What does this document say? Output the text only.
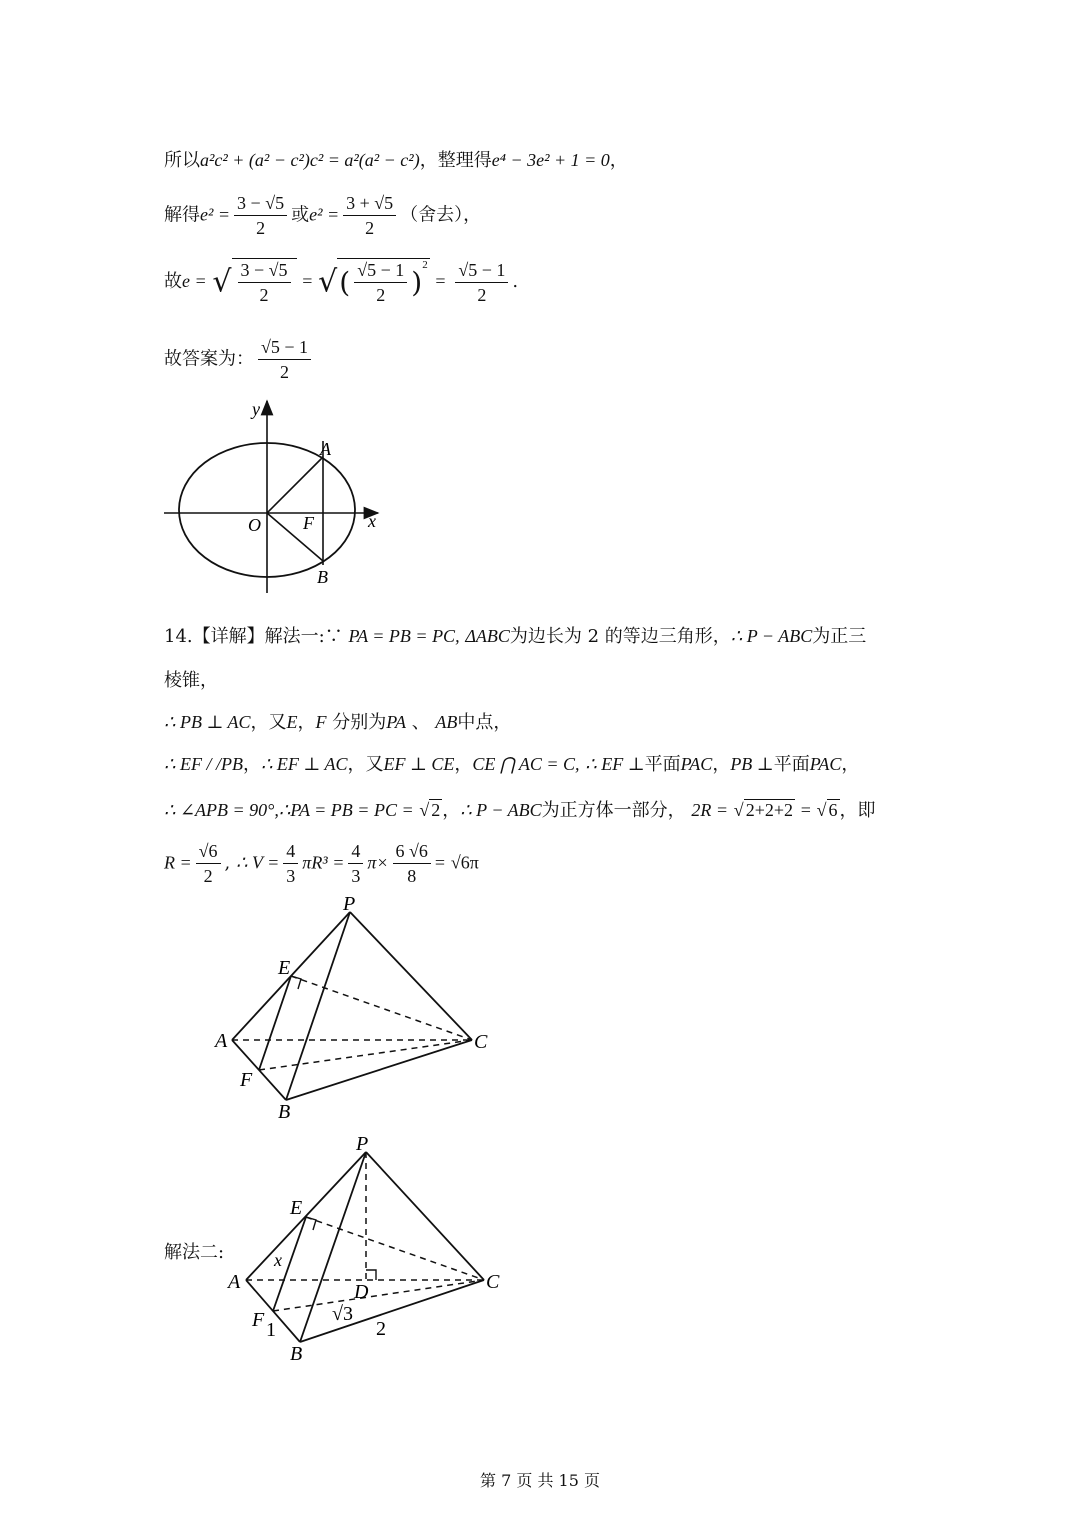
所以a²c² + (a² − c²)c² = a²(a² − c²)，整理得e⁴ − 3e² + 1 = 0，
解得$e^2 = \frac{3 - √5}{2}$ 或$e^2 = \frac{3 + √5}{2}$ （舍去），
故e = √ $\frac{3 - √5}{2}$ = √( $\frac{√5 - 1}{2} )^2 = \frac{√5 - 1}{2}$ .
故答案为： $\frac{√5 - 1}{2}$
y
x
O
A
F
B
14.【详解】解法一:∵ PA = PB = PC, ΔABC为边长为 2 的等边三角形，∴ P − ABC为正三
棱锥，
∴ PB ⊥ AC，又E，F 分别为PA 、 AB中点，
∴ EF / /PB，∴ EF ⊥ AC，又EF ⊥ CE，CE ⋂ AC = C, ∴ EF ⊥平面PAC，PB ⊥平面PAC，
∴ ∠APB = 90°,∴PA = PB = PC = √ 2 ，∴ P − ABC为正方体一部分， 2R = √ 2+2+2 = √ 6 ，即
$R = \frac{√6}{2}$ , ∴ $V = \frac{4}{3} \pi R^3 = \frac{4}{3} \pi\times \frac{6 √6}{8} = √6\pi$
P
E
A	C
F
B
解法二:
P
E
x
A	D	C
F 1
√3
2
B
第 7 页 共 15 页
